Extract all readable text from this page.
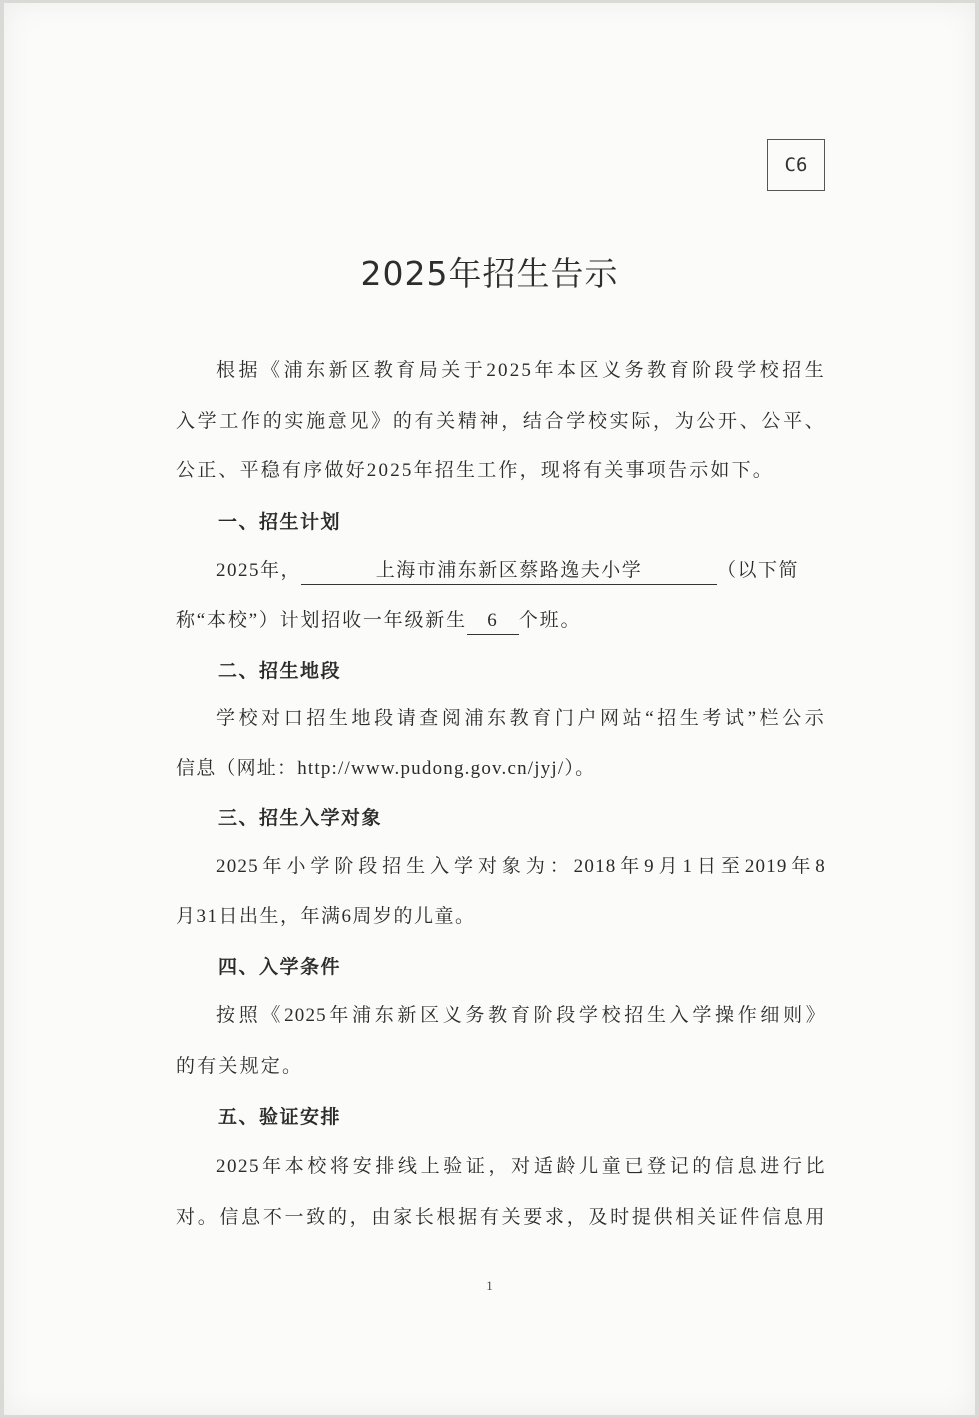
C6
2025年招生告示
根据《浦东新区教育局关于2025年本区义务教育阶段学校招生
入学工作的实施意见》的有关精神，结合学校实际，为公开、公平、
公正、平稳有序做好2025年招生工作，现将有关事项告示如下。
一、招生计划
2025年，	上海市浦东新区蔡路逸夫小学	（以下简
称“本校”）计划招收一年级新生 6 个班。
二、招生地段
学校对口招生地段请查阅浦东教育门户网站“招生考试”栏公示
信息（网址：http://www.pudong.gov.cn/jyj/）。
三、招生入学对象
2025年小学阶段招生入学对象为：2018年9月1日至2019年8
月31日出生，年满6周岁的儿童。
四、入学条件
按照《2025年浦东新区义务教育阶段学校招生入学操作细则》
的有关规定。
五、验证安排
2025年本校将安排线上验证，对适龄儿童已登记的信息进行比
对。信息不一致的，由家长根据有关要求，及时提供相关证件信息用
1
